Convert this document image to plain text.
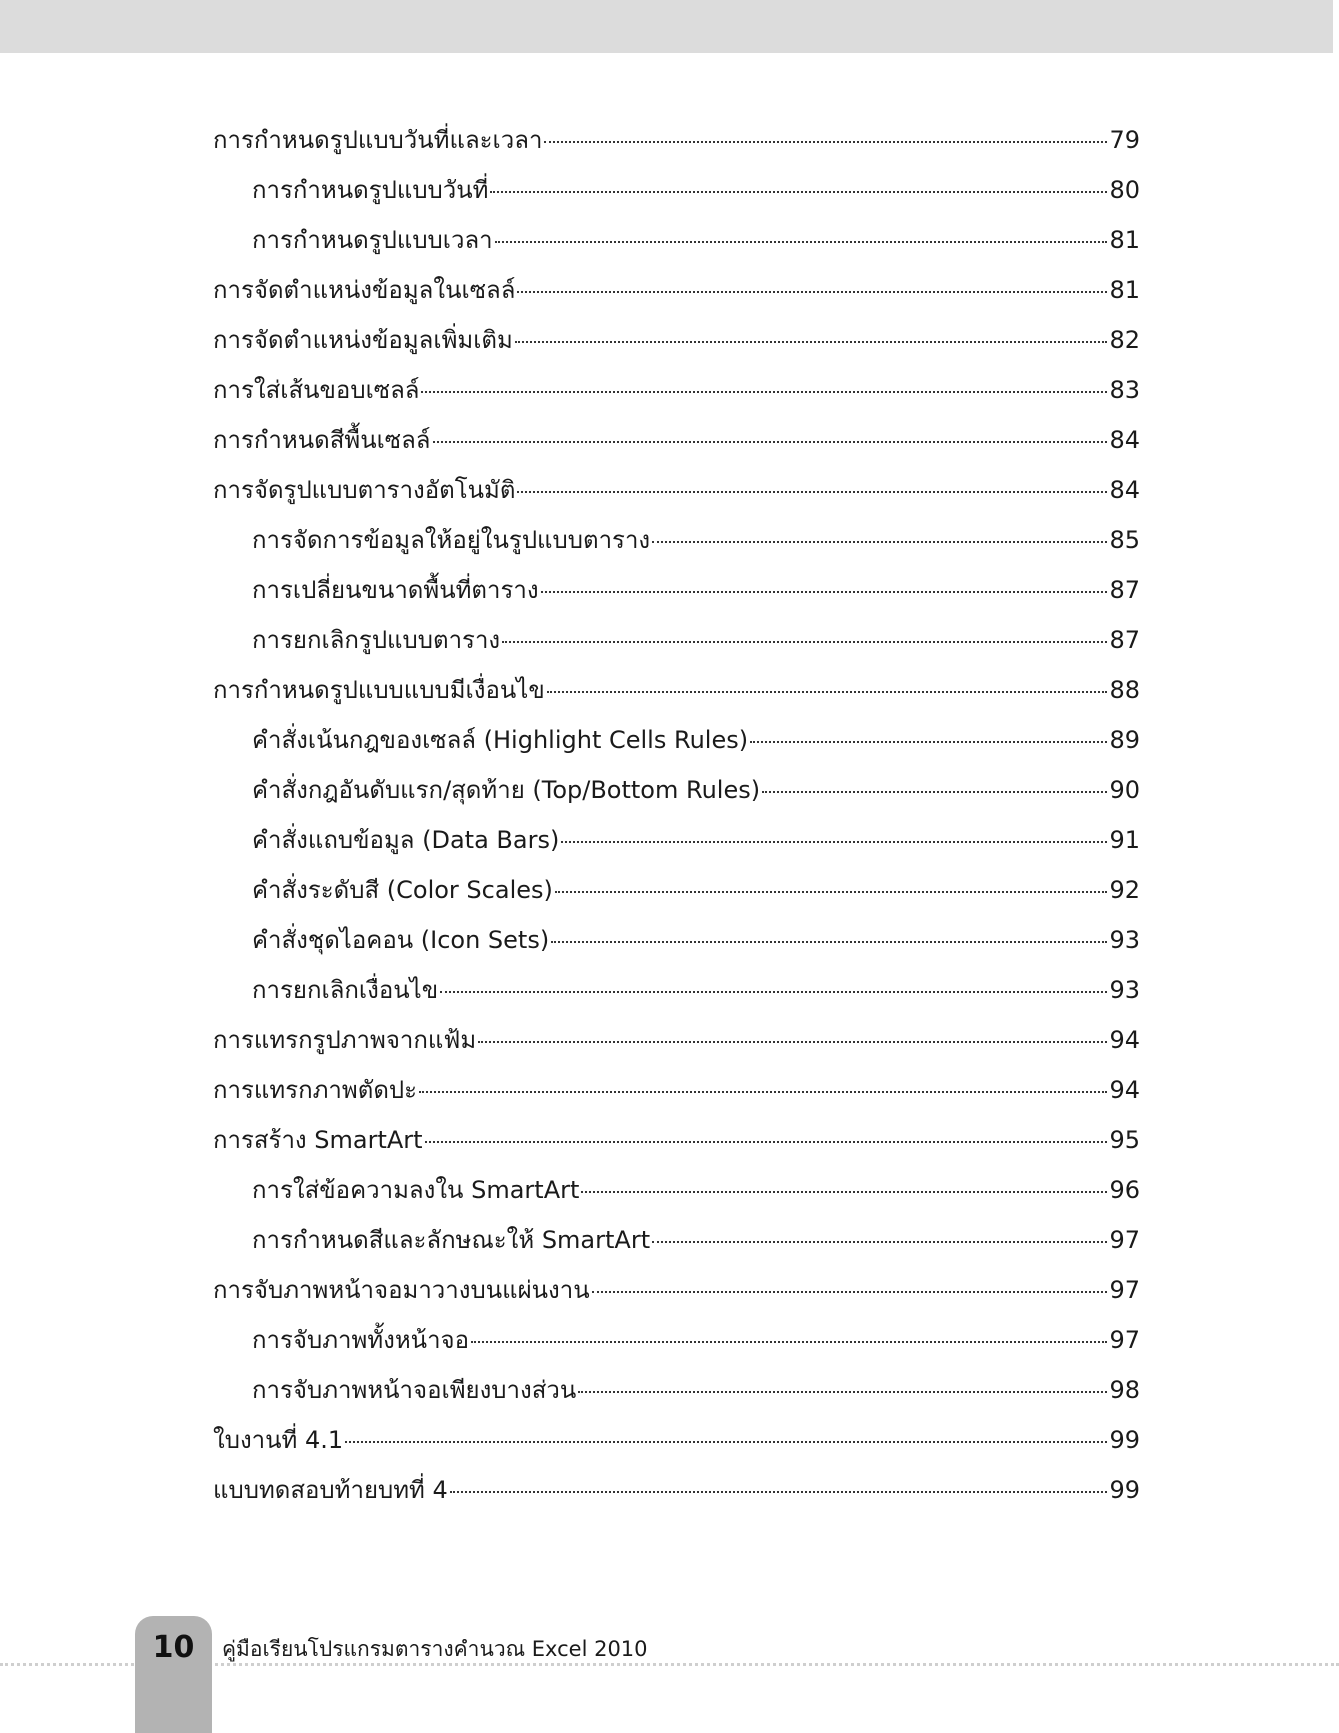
การกำหนดรูปแบบวันที่และเวลา	79
การกำหนดรูปแบบวันที่	80
การกำหนดรูปแบบเวลา	81
การจัดตำแหน่งข้อมูลในเซลล์	81
การจัดตำแหน่งข้อมูลเพิ่มเติม	82
การใส่เส้นขอบเซลล์	83
การกำหนดสีพื้นเซลล์	84
การจัดรูปแบบตารางอัตโนมัติ	84
การจัดการข้อมูลให้อยู่ในรูปแบบตาราง	85
การเปลี่ยนขนาดพื้นที่ตาราง	87
การยกเลิกรูปแบบตาราง	87
การกำหนดรูปแบบแบบมีเงื่อนไข	88
คำสั่งเน้นกฎของเซลล์ (Highlight Cells Rules)	89
คำสั่งกฎอันดับแรก/สุดท้าย (Top/Bottom Rules)	90
คำสั่งแถบข้อมูล (Data Bars)	91
คำสั่งระดับสี (Color Scales)	92
คำสั่งชุดไอคอน (Icon Sets)	93
การยกเลิกเงื่อนไข	93
การแทรกรูปภาพจากแฟ้ม	94
การแทรกภาพตัดปะ	94
การสร้าง SmartArt	95
การใส่ข้อความลงใน SmartArt	96
การกำหนดสีและลักษณะให้ SmartArt	97
การจับภาพหน้าจอมาวางบนแผ่นงาน	97
การจับภาพทั้งหน้าจอ	97
การจับภาพหน้าจอเพียงบางส่วน	98
ใบงานที่ 4.1	99
แบบทดสอบท้ายบทที่ 4	99
10	คู่มือเรียนโปรแกรมตารางคำนวณ Excel 2010
